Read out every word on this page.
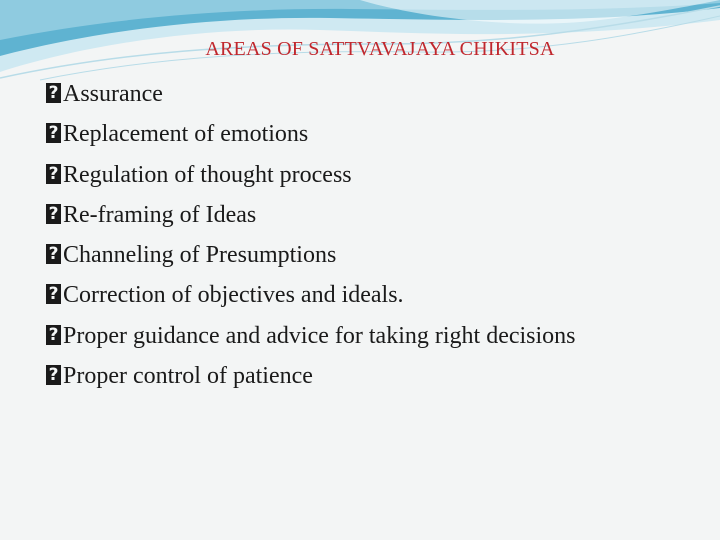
AREAS OF SATTVAVAJAYA CHIKITSA
?Assurance
?Replacement of emotions
?Regulation of thought process
?Re-framing of Ideas
?Channeling of Presumptions
?Correction of objectives and ideals.
?Proper guidance and advice for taking right decisions
?Proper control of patience
